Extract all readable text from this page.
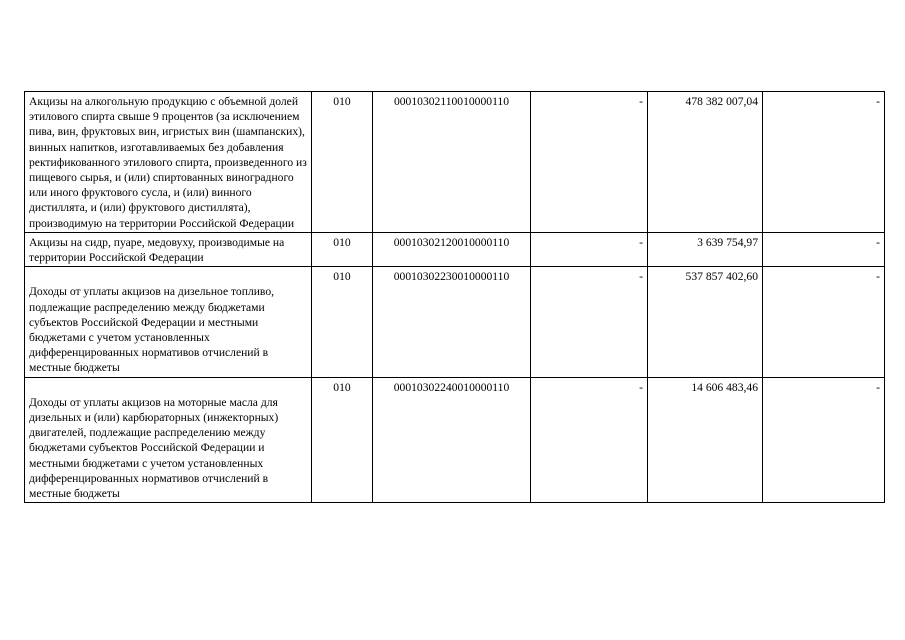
Акцизы на алкогольную продукцию с объемной долей этилового спирта свыше 9 процентов (за исключением пива, вин, фруктовых вин, игристых вин (шампанских), винных напитков, изготавливаемых без добавления ректификованного этилового спирта, произведенного из пищевого сырья, и (или) спиртованных виноградного или иного фруктового сусла, и (или) винного дистиллята, и (или) фруктового дистиллята), производимую на территории Российской Федерации	010	00010302110010000110	-	478 382 007,04	-
Акцизы на сидр, пуаре, медовуху, производимые на территории Российской Федерации	010	00010302120010000110	-	3 639 754,97	-

Доходы от уплаты акцизов на дизельное топливо, подлежащие распределению между бюджетами субъектов Российской Федерации и местными бюджетами с учетом установленных дифференцированных нормативов отчислений в местные бюджеты	010	00010302230010000110	-	537 857 402,60	-

Доходы от уплаты акцизов на моторные масла для дизельных и (или) карбюраторных (инжекторных) двигателей, подлежащие распределению между бюджетами субъектов Российской Федерации и местными бюджетами с учетом установленных дифференцированных нормативов отчислений в местные бюджеты	010	00010302240010000110	-	14 606 483,46	-
